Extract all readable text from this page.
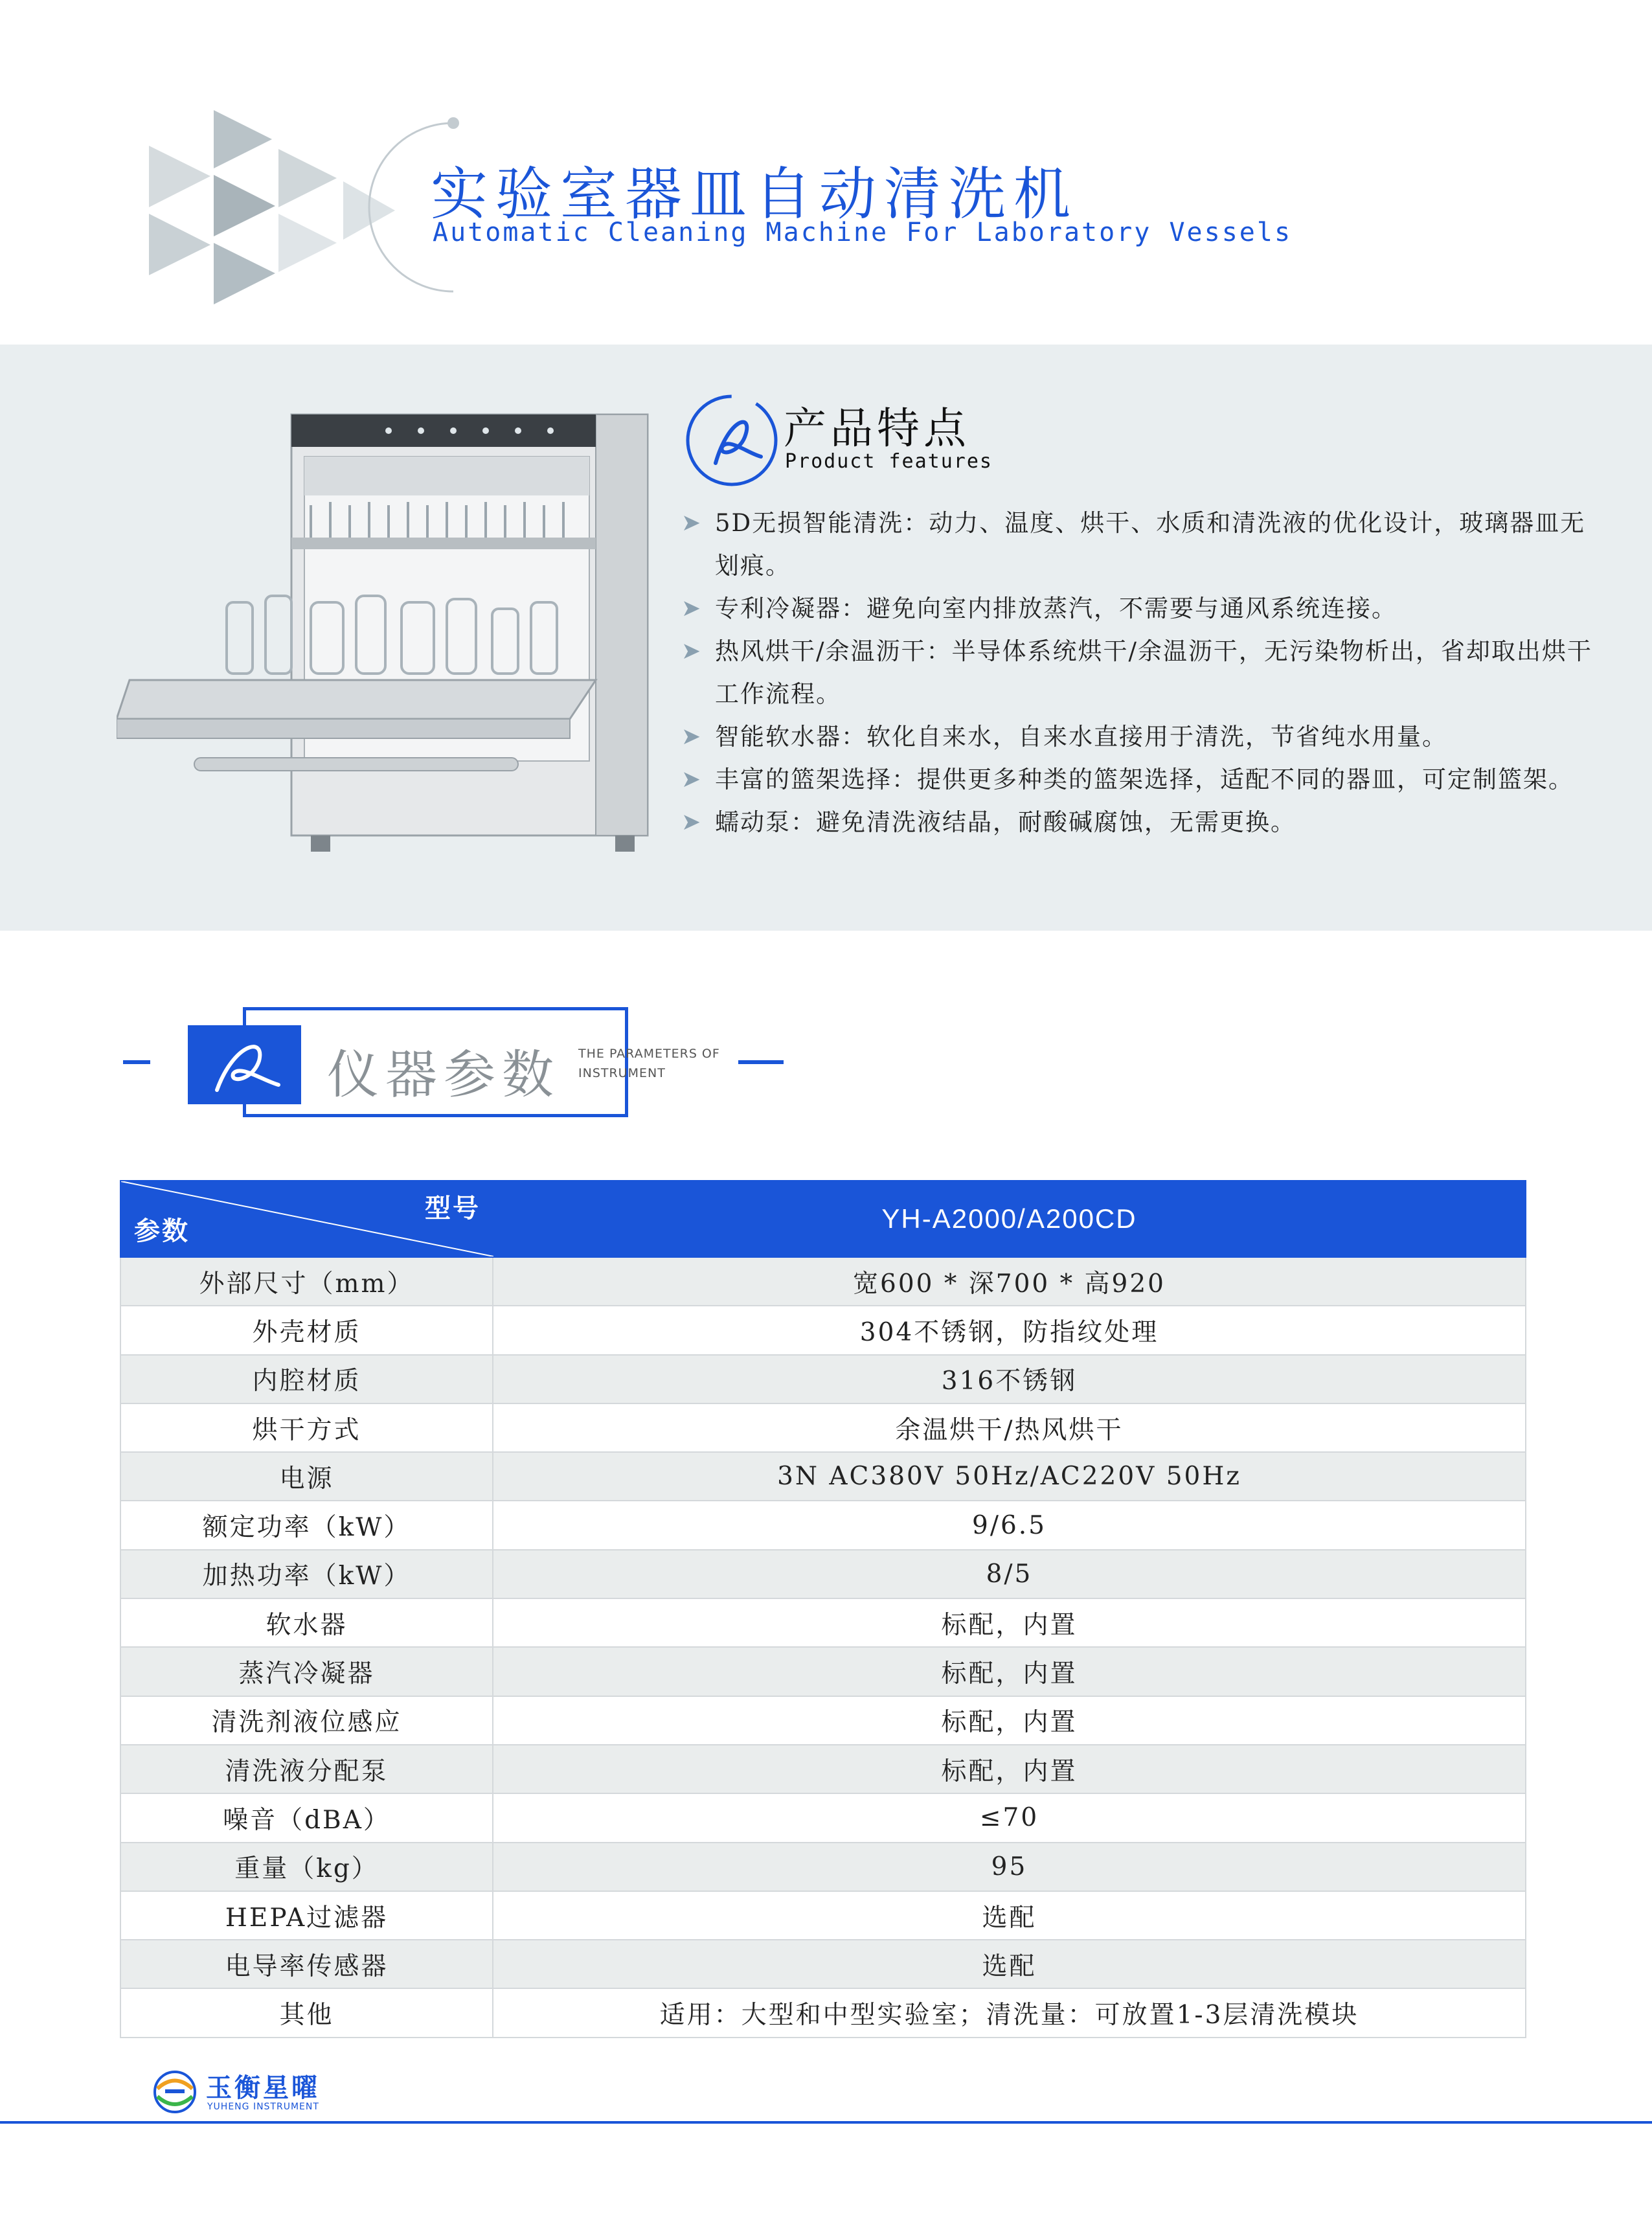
实验室器皿自动清洗机
Automatic Cleaning Machine For Laboratory Vessels
产品特点
Product features
➤ 5D无损智能清洗：动力、温度、烘干、水质和清洗液的优化设计，玻璃器皿无划痕。
➤ 专利冷凝器：避免向室内排放蒸汽，不需要与通风系统连接。
➤ 热风烘干/余温沥干：半导体系统烘干/余温沥干，无污染物析出，省却取出烘干工作流程。
➤ 智能软水器：软化自来水，自来水直接用于清洗，节省纯水用量。
➤ 丰富的篮架选择：提供更多种类的篮架选择，适配不同的器皿，可定制篮架。
➤ 蠕动泵：避免清洗液结晶，耐酸碱腐蚀，无需更换。
仪器参数 THE PARAMETERS OF INSTRUMENT
型号
参数	YH-A2000/A200CD
外部尺寸（mm）	宽600 * 深700 * 高920
外壳材质	304不锈钢，防指纹处理
内腔材质	316不锈钢
烘干方式	余温烘干/热风烘干
电源	3N AC380V 50Hz/AC220V 50Hz
额定功率（kW）	9/6.5
加热功率（kW）	8/5
软水器	标配，内置
蒸汽冷凝器	标配，内置
清洗剂液位感应	标配，内置
清洗液分配泵	标配，内置
噪音（dBA）	≤70
重量（kg）	95
HEPA过滤器	选配
电导率传感器	选配
其他	适用：大型和中型实验室；清洗量：可放置1-3层清洗模块
玉衡星曜
YUHENG INSTRUMENT
